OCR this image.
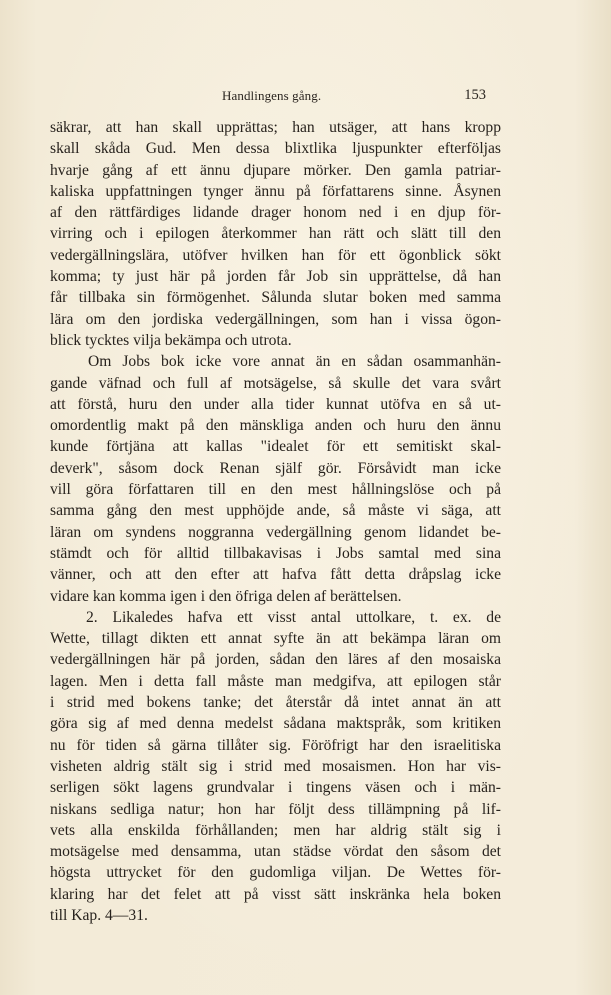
Handlingens gång.	153
säkrar, att han skall upprättas; han utsäger, att hans kropp
skall skåda Gud. Men dessa blixtlika ljuspunkter efterföljas
hvarje gång af ett ännu djupare mörker. Den gamla patriar-
kaliska uppfattningen tynger ännu på författarens sinne. Åsynen
af den rättfärdiges lidande drager honom ned i en djup för-
virring och i epilogen återkommer han rätt och slätt till den
vedergällningslära, utöfver hvilken han för ett ögonblick sökt
komma; ty just här på jorden får Job sin upprättelse, då han
får tillbaka sin förmögenhet. Sålunda slutar boken med samma
lära om den jordiska vedergällningen, som han i vissa ögon-
blick tycktes vilja bekämpa och utrota.
Om Jobs bok icke vore annat än en sådan osammanhän-
gande väfnad och full af motsägelse, så skulle det vara svårt
att förstå, huru den under alla tider kunnat utöfva en så ut-
omordentlig makt på den mänskliga anden och huru den ännu
kunde förtjäna att kallas "idealet för ett semitiskt skal-
deverk", såsom dock Renan själf gör. Försåvidt man icke
vill göra författaren till en den mest hållningslöse och på
samma gång den mest upphöjde ande, så måste vi säga, att
läran om syndens noggranna vedergällning genom lidandet be-
stämdt och för alltid tillbakavisas i Jobs samtal med sina
vänner, och att den efter att hafva fått detta dråpslag icke
vidare kan komma igen i den öfriga delen af berättelsen.
2. Likaledes hafva ett visst antal uttolkare, t. ex. de
Wette, tillagt dikten ett annat syfte än att bekämpa läran om
vedergällningen här på jorden, sådan den läres af den mosaiska
lagen. Men i detta fall måste man medgifva, att epilogen står
i strid med bokens tanke; det återstår då intet annat än att
göra sig af med denna medelst sådana maktspråk, som kritiken
nu för tiden så gärna tillåter sig. Föröfrigt har den israelitiska
visheten aldrig stält sig i strid med mosaismen. Hon har vis-
serligen sökt lagens grundvalar i tingens väsen och i män-
niskans sedliga natur; hon har följt dess tillämpning på lif-
vets alla enskilda förhållanden; men har aldrig stält sig i
motsägelse med densamma, utan städse vördat den såsom det
högsta uttrycket för den gudomliga viljan. De Wettes för-
klaring har det felet att på visst sätt inskränka hela boken
till Kap. 4—31.
